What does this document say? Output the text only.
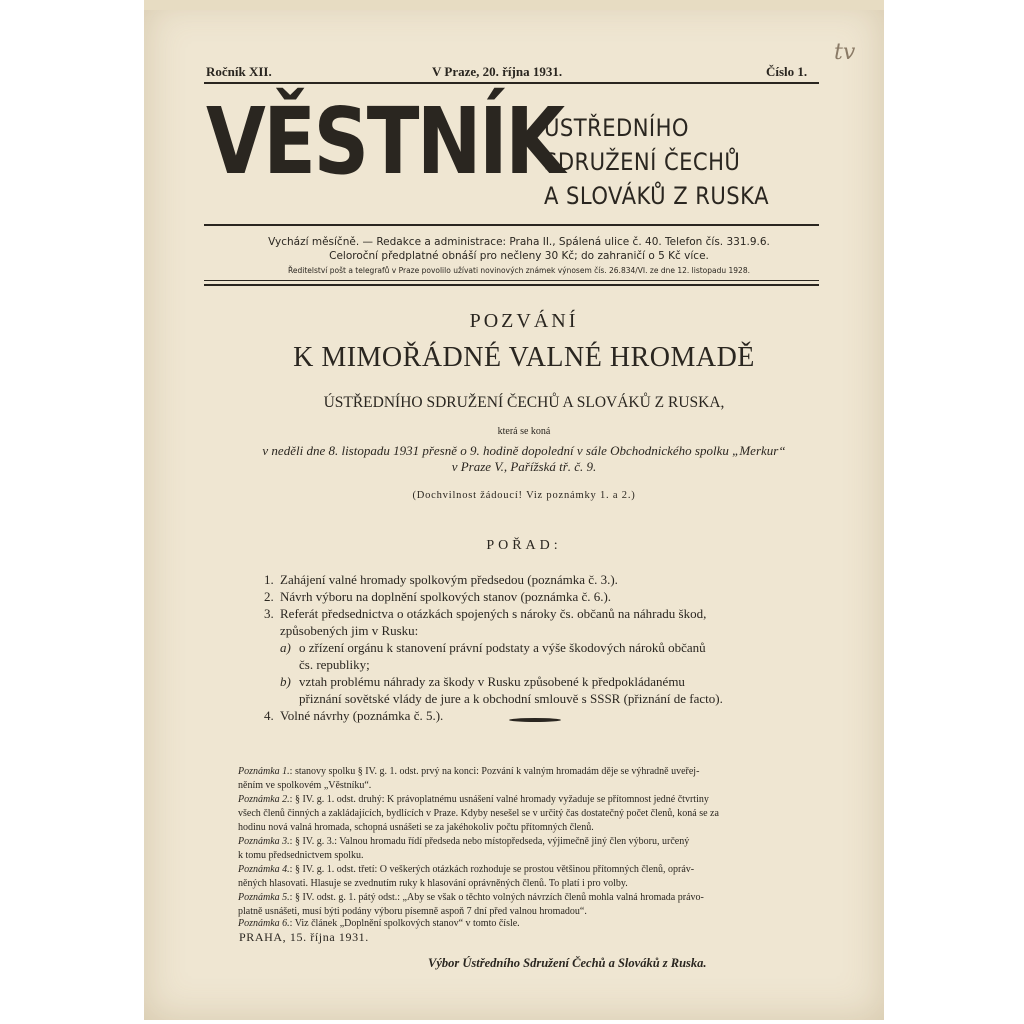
tv
Ročník XII.	V Praze, 20. října 1931.	Číslo 1.
VĚSTNÍK
ÚSTŘEDNÍHO
SDRUŽENÍ ČECHŮ
A SLOVÁKŮ Z RUSKA
Vychází měsíčně. — Redakce a administrace: Praha II., Spálená ulice č. 40. Telefon čís. 331.9.6.
Celoroční předplatné obnáší pro nečleny 30 Kč; do zahraničí o 5 Kč více.
Ředitelství pošt a telegrafů v Praze povolilo užívati novinových známek výnosem čís. 26.834/VI. ze dne 12. listopadu 1928.
POZVÁNÍ
K MIMOŘÁDNÉ VALNÉ HROMADĚ
ÚSTŘEDNÍHO SDRUŽENÍ ČECHŮ A SLOVÁKŮ Z RUSKA,
která se koná
v neděli dne 8. listopadu 1931 přesně o 9. hodině dopolední v sále Obchodnického spolku „Merkur“
v Praze V., Pařížská tř. č. 9.
(Dochvilnost žádoucí! Viz poznámky 1. a 2.)
POŘAD:
1. Zahájení valné hromady spolkovým předsedou (poznámka č. 3.).
2. Návrh výboru na doplnění spolkových stanov (poznámka č. 6.).
3. Referát předsednictva o otázkách spojených s nároky čs. občanů na náhradu škod,
způsobených jim v Rusku:
a) o zřízení orgánu k stanovení právní podstaty a výše škodových nároků občanů
čs. republiky;
b) vztah problému náhrady za škody v Rusku způsobené k předpokládanému
přiznání sovětské vlády de jure a k obchodní smlouvě s SSSR (přiznání de facto).
4. Volné návrhy (poznámka č. 5.).
Poznámka 1.: stanovy spolku § IV. g. 1. odst. prvý na konci: Pozvání k valným hromadám děje se výhradně uveřej-
něním ve spolkovém „Věstníku“.
Poznámka 2.: § IV. g. 1. odst. druhý: K právoplatnému usnášení valné hromady vyžaduje se přítomnost jedné čtvrtiny
všech členů činných a zakládajících, bydlících v Praze. Kdyby nesešel se v určitý čas dostatečný počet členů, koná se za
hodinu nová valná hromada, schopná usnášeti se za jakéhokoliv počtu přítomných členů.
Poznámka 3.: § IV. g. 3.: Valnou hromadu řídí předseda nebo místopředseda, výjimečně jiný člen výboru, určený
k tomu předsednictvem spolku.
Poznámka 4.: § IV. g. 1. odst. třetí: O veškerých otázkách rozhoduje se prostou většinou přítomných členů, opráv-
něných hlasovati. Hlasuje se zvednutím ruky k hlasování oprávněných členů. To platí i pro volby.
Poznámka 5.: § IV. odst. g. 1. pátý odst.: „Aby se však o těchto volných návrzích členů mohla valná hromada právo-
platně usnášeti, musí býti podány výboru písemně aspoň 7 dní před valnou hromadou“.
Poznámka 6.: Viz článek „Doplnění spolkových stanov“ v tomto čísle.
PRAHA, 15. října 1931.
Výbor Ústředního Sdružení Čechů a Slováků z Ruska.
